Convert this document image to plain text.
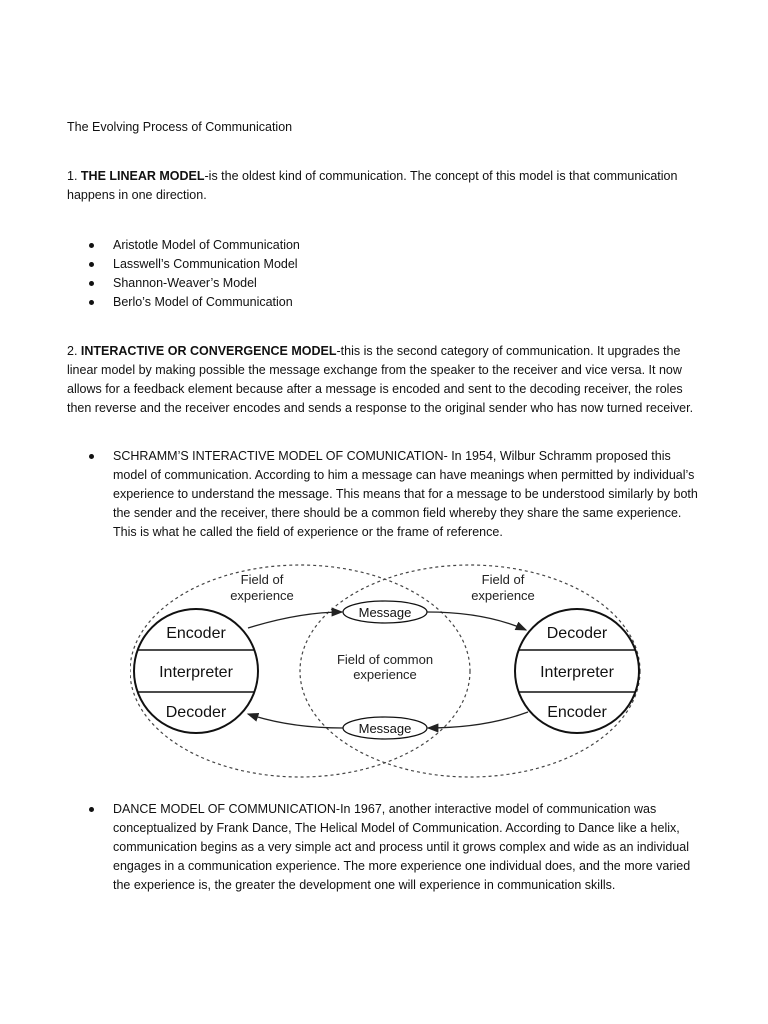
The Evolving Process of Communication
1. THE LINEAR MODEL-is the oldest kind of communication. The concept of this model is that communication happens in one direction.
Aristotle Model of Communication
Lasswell’s Communication Model
Shannon-Weaver’s Model
Berlo’s Model of Communication
2. INTERACTIVE OR CONVERGENCE MODEL-this is the second category of communication. It upgrades the linear model by making possible the message exchange from the speaker to the receiver and vice versa. It now allows for a feedback element because after a message is encoded and sent to the decoding receiver, the roles then reverse and the receiver encodes and sends a response to the original sender who has now turned receiver.
SCHRAMM’S INTERACTIVE MODEL OF COMUNICATION- In 1954, Wilbur Schramm proposed this model of communication. According to him a message can have meanings when permitted by individual’s experience to understand the message. This means that for a message to be understood similarly by both the sender and the receiver, there should be a common field whereby they share the same experience. This is what he called the field of experience or the frame of reference.
Field of
experience
Field of
experience
Encoder
Interpreter
Decoder
Decoder
Interpreter
Encoder
Message
Message
Field of common
experience
DANCE MODEL OF COMMUNICATION-In 1967, another interactive model of communication was conceptualized by Frank Dance, The Helical Model of Communication. According to Dance like a helix, communication begins as a very simple act and process until it grows complex and wide as an individual engages in a communication experience. The more experience one individual does, and the more varied the experience is, the greater the development one will experience in communication skills.
